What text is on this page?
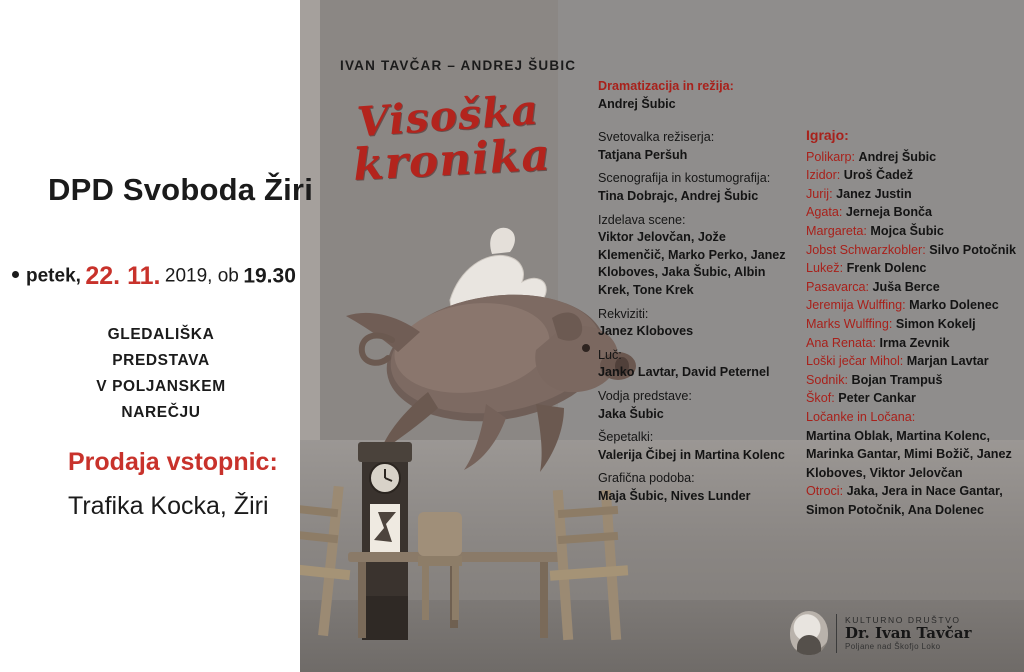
DPD Svoboda Žiri
petek, 22. 11. 2019, ob 19.30
GLEDALIŠKA
PREDSTAVA
V POLJANSKEM
NAREČJU
Prodaja vstopnic:
Trafika Kocka, Žiri
IVAN TAVČAR – ANDREJ ŠUBIC
Visoška
kronika
Dramatizacija in režija:
Andrej Šubic
Svetovalka režiserja:
Tatjana Peršuh
Scenografija in kostumografija:
Tina Dobrajc, Andrej Šubic
Izdelava scene:
Viktor Jelovčan, Jože Klemenčič, Marko Perko, Janez Kloboves, Jaka Šubic, Albin Krek, Tone Krek
Rekviziti:
Janez Kloboves
Luč:
Janko Lavtar, David Peternel
Vodja predstave:
Jaka Šubic
Šepetalki:
Valerija Čibej in Martina Kolenc
Grafična podoba:
Maja Šubic, Nives Lunder
Igrajo:
Polikarp: Andrej Šubic
Izidor: Uroš Čadež
Jurij: Janez Justin
Agata: Jerneja Bonča
Margareta: Mojca Šubic
Jobst Schwarzkobler: Silvo Potočnik
Lukež: Frenk Dolenc
Pasavarca: Juša Berce
Jeremija Wulffing: Marko Dolenec
Marks Wulffing: Simon Kokelj
Ana Renata: Irma Zevnik
Loški ječar Mihol: Marjan Lavtar
Sodnik: Bojan Trampuš
Škof: Peter Cankar
Ločanke in Ločana:
Martina Oblak, Martina Kolenc, Marinka Gantar, Mimi Božič, Janez Kloboves, Viktor Jelovčan
Otroci: Jaka, Jera in Nace Gantar, Simon Potočnik, Ana Dolenec
KULTURNO DRUŠTVO
Dr. Ivan Tavčar
Poljane nad Škofjo Loko
